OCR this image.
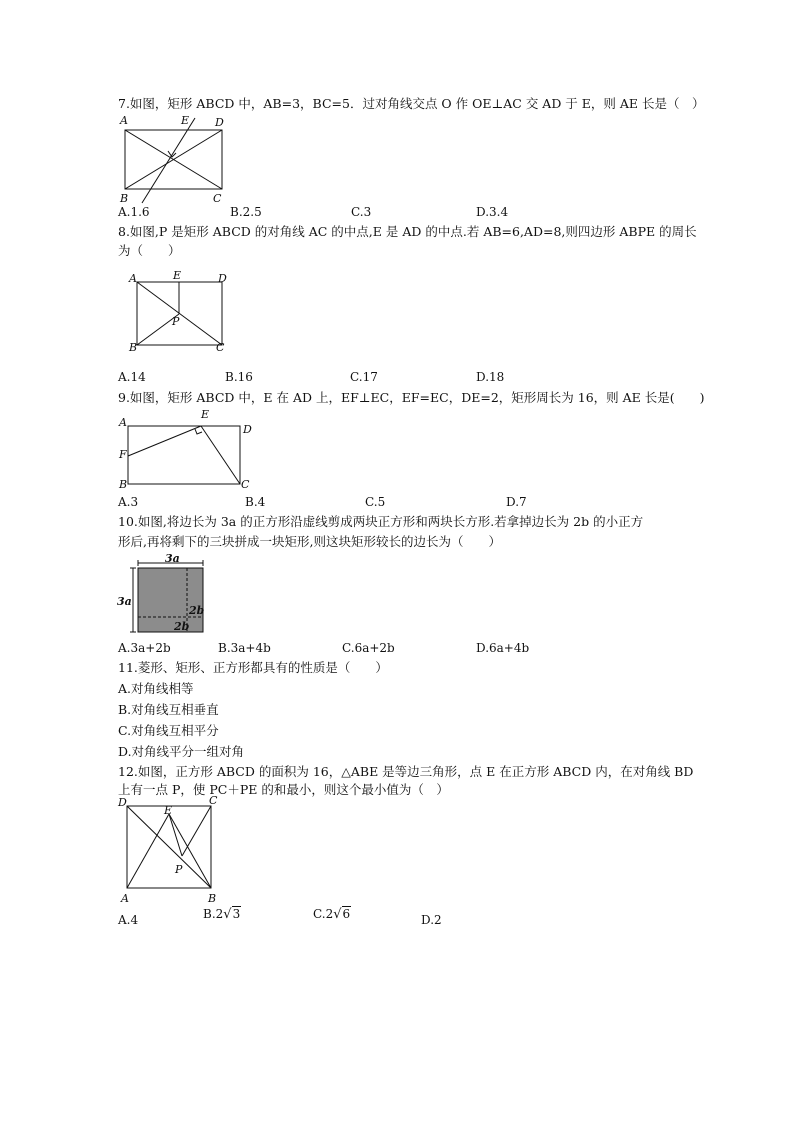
7.如图，矩形 ABCD 中，AB=3，BC=5．过对角线交点 O 作 OE⊥AC 交 AD 于 E，则 AE 长是（　）
A	E D
B	C
A.1.6	B.2.5	C.3	D.3.4
8.如图,P 是矩形 ABCD 的对角线 AC 的中点,E 是 AD 的中点.若 AB=6,AD=8,则四边形 ABPE 的周长
为（　　）
A	E	D
P
B	C
A.14	B.16	C.17	D.18
9.如图，矩形 ABCD 中，E 在 AD 上，EF⊥EC，EF=EC，DE=2，矩形周长为 16，则 AE 长是(　　)
A
E
D
F
B	C
A.3	B.4	C.5	D.7
10.如图,将边长为 3a 的正方形沿虚线剪成两块正方形和两块长方形.若拿掉边长为 2b 的小正方
形后,再将剩下的三块拼成一块矩形,则这块矩形较长的边长为（　　）
3a
3a
2b
2b
A.3a+2b	B.3a+4b	C.6a+2b	D.6a+4b
11.菱形、矩形、正方形都具有的性质是（　　）
A.对角线相等
B.对角线互相垂直
C.对角线互相平分
D.对角线平分一组对角
12.如图，正方形 ABCD 的面积为 16，△ABE 是等边三角形，点 E 在正方形 ABCD 内，在对角线 BD
上有一点 P，使 PC＋PE 的和最小，则这个最小值为（　）
D
E
C
P
A	B
A.4	B.2√3	C.2√6	D.2
